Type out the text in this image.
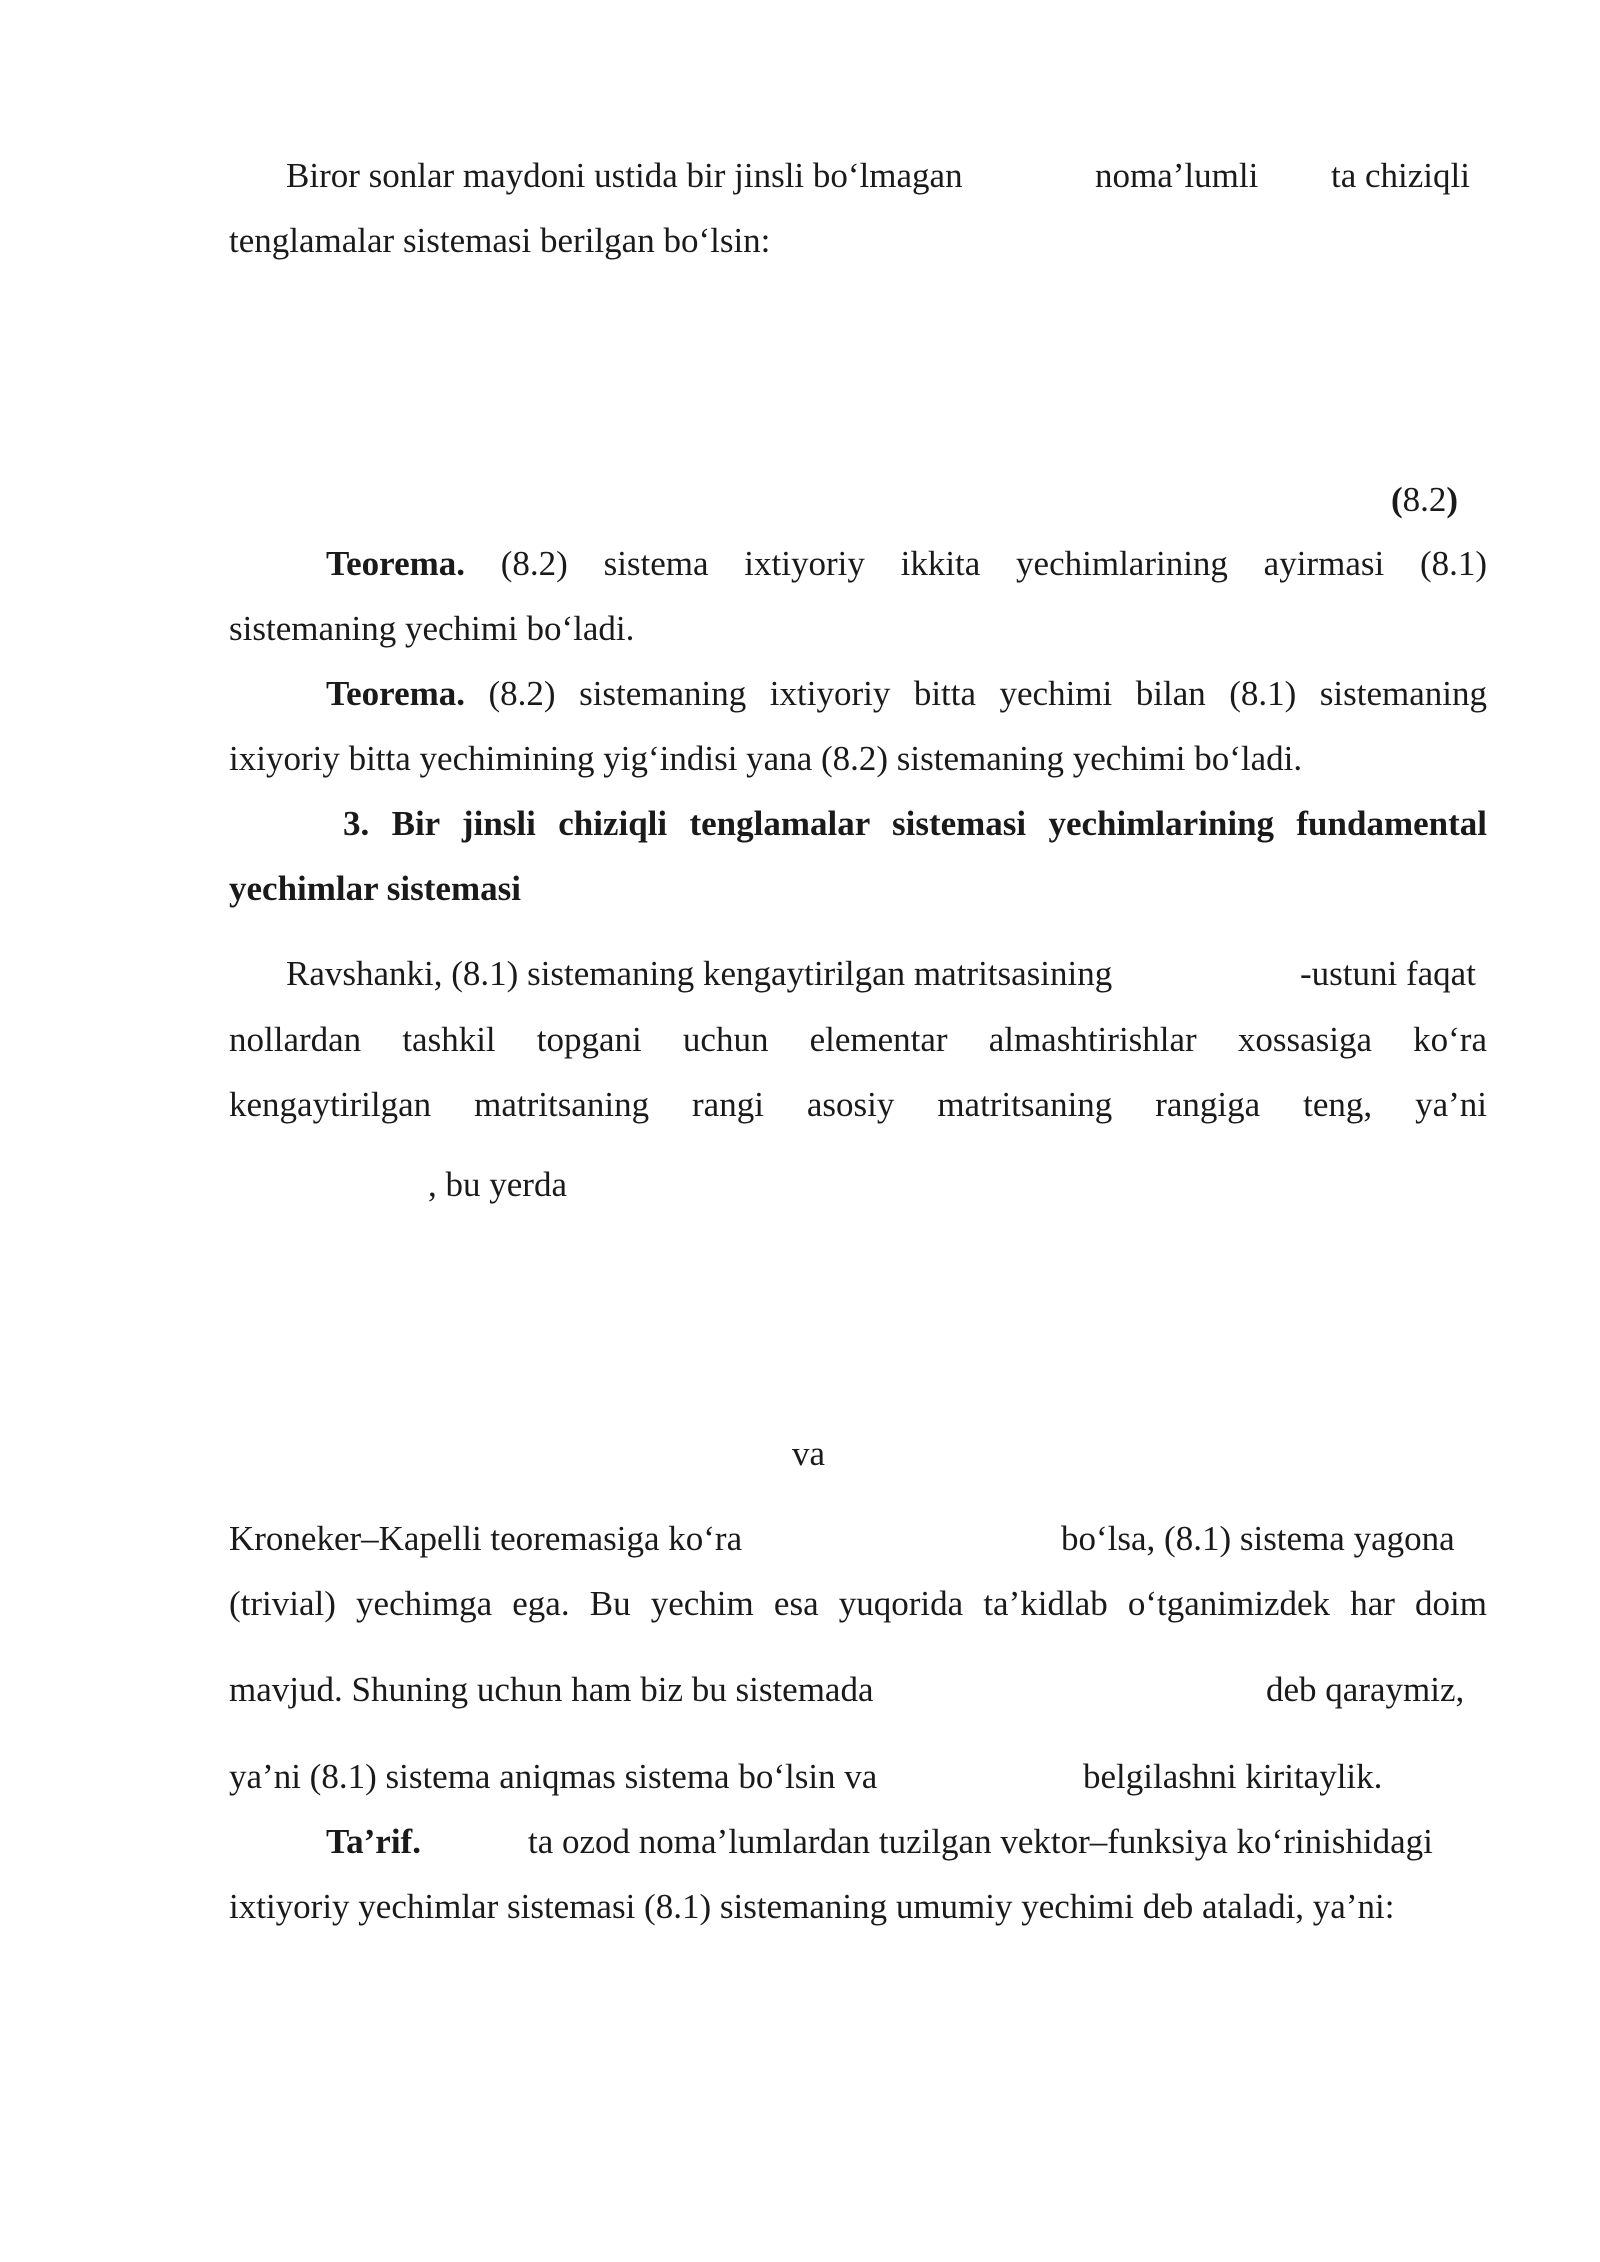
Biror sonlar maydoni ustida bir jinsli bo‘lmagan	noma’lumli ta chiziqli
tenglamalar sistemasi berilgan bo‘lsin:
(8.2)
Teorema. (8.2) sistema ixtiyoriy ikkita yechimlarining ayirmasi (8.1)
sistemaning yechimi bo‘ladi.
Teorema. (8.2) sistemaning ixtiyoriy bitta yechimi bilan (8.1) sistemaning
ixiyoriy bitta yechimining yig‘indisi yana (8.2) sistemaning yechimi bo‘ladi.
3. Bir jinsli chiziqli tenglamalar sistemasi yechimlarining fundamental
yechimlar sistemasi
Ravshanki, (8.1) sistemaning kengaytirilgan matritsasining	-ustuni faqat
nollardan tashkil topgani uchun elementar almashtirishlar xossasiga ko‘ra
kengaytirilgan matritsaning rangi asosiy matritsaning rangiga teng, ya’ni
, bu yerda
va
Kroneker–Kapelli teoremasiga ko‘ra	bo‘lsa, (8.1) sistema yagona
(trivial) yechimga ega. Bu yechim esa yuqorida ta’kidlab o‘tganimizdek har doim
mavjud. Shuning uchun ham biz bu sistemada	deb qaraymiz,
ya’ni (8.1) sistema aniqmas sistema bo‘lsin va	belgilashni kiritaylik.
Ta’rif.	ta ozod noma’lumlardan tuzilgan vektor–funksiya ko‘rinishidagi
ixtiyoriy yechimlar sistemasi (8.1) sistemaning umumiy yechimi deb ataladi, ya’ni:
